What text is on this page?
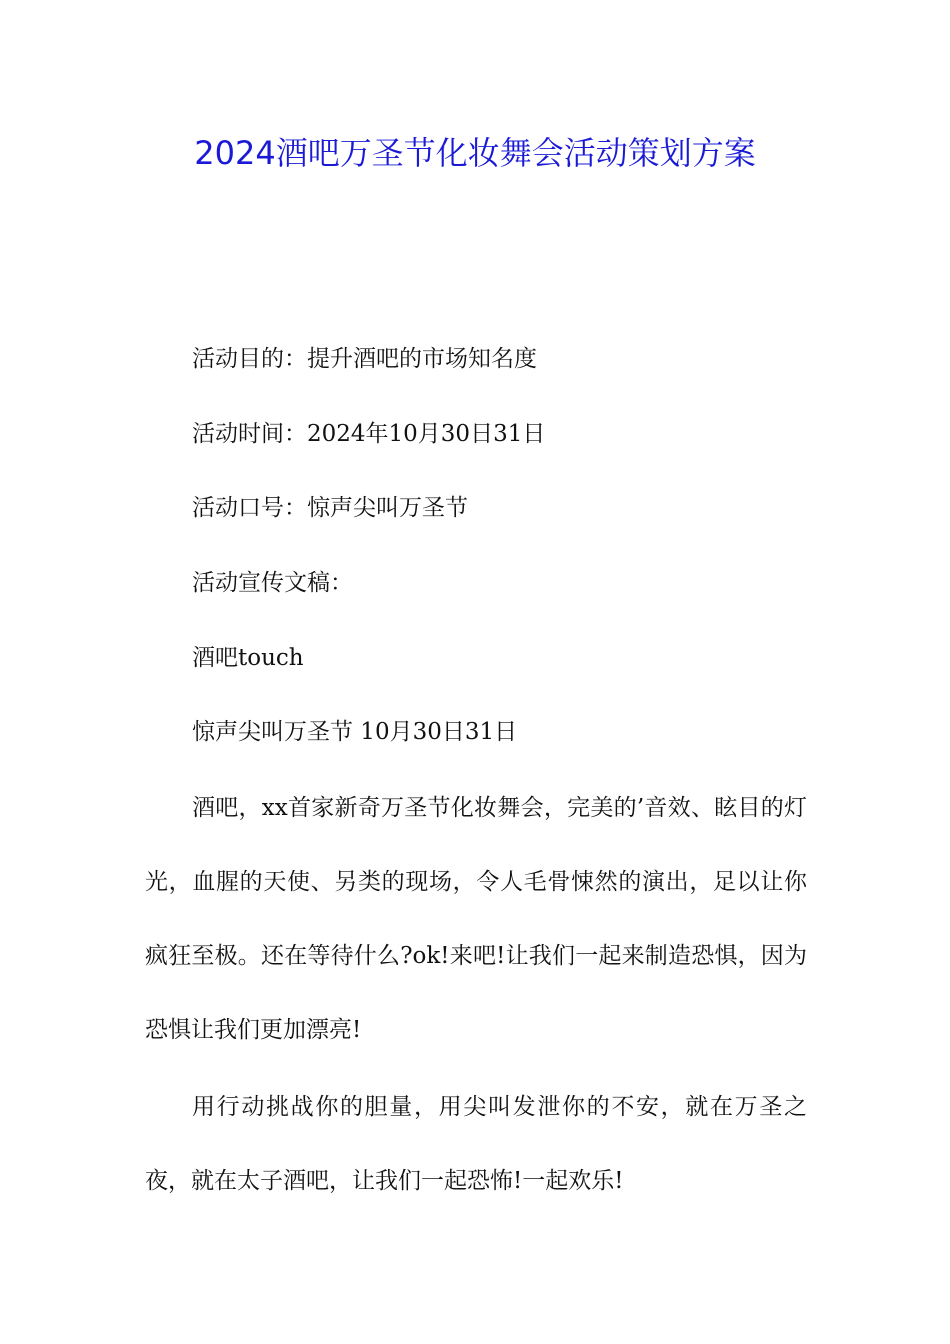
2024酒吧万圣节化妆舞会活动策划方案
活动目的：提升酒吧的市场知名度
活动时间：2024年10月30日31日
活动口号：惊声尖叫万圣节
活动宣传文稿：
酒吧touch
惊声尖叫万圣节 10月30日31日

酒吧，xx首家新奇万圣节化妆舞会，完美的’音效、眩目的灯光，血腥的天使、另类的现场，令人毛骨悚然的演出，足以让你疯狂至极。还在等待什么?ok!来吧!让我们一起来制造恐惧，因为恐惧让我们更加漂亮!

用行动挑战你的胆量，用尖叫发泄你的不安，就在万圣之夜，就在太子酒吧，让我们一起恐怖!一起欢乐!
